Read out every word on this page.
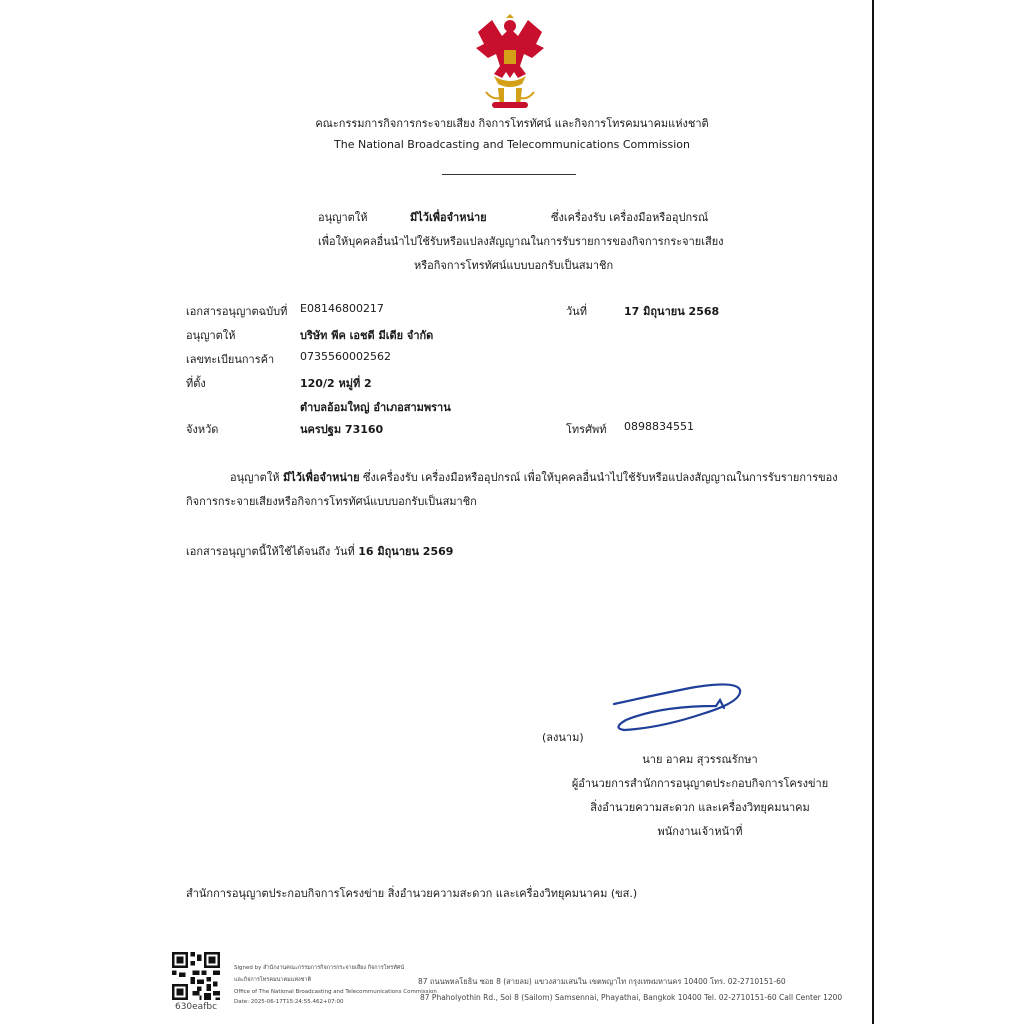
คณะกรรมการกิจการกระจายเสียง กิจการโทรทัศน์ และกิจการโทรคมนาคมแห่งชาติ
The National Broadcasting and Telecommunications Commission
อนุญาตให้	มีไว้เพื่อจำหน่าย	ซึ่งเครื่องรับ เครื่องมือหรืออุปกรณ์
เพื่อให้บุคคลอื่นนำไปใช้รับหรือแปลงสัญญาณในการรับรายการของกิจการกระจายเสียง
หรือกิจการโทรทัศน์แบบบอกรับเป็นสมาชิก
เอกสารอนุญาตฉบับที่ E08146800217	วันที่	17 มิถุนายน 2568
อนุญาตให้	บริษัท พีค เอชดี มีเดีย จำกัด
เลขทะเบียนการค้า 0735560002562
ที่ตั้ง	120/2 หมู่ที่ 2
ตำบลอ้อมใหญ่ อำเภอสามพราน
จังหวัด	นครปฐม 73160	โทรศัพท์ 0898834551
อนุญาตให้ มีไว้เพื่อจำหน่าย ซึ่งเครื่องรับ เครื่องมือหรืออุปกรณ์ เพื่อให้บุคคลอื่นนำไปใช้รับหรือแปลงสัญญาณในการรับรายการของ
กิจการกระจายเสียงหรือกิจการโทรทัศน์แบบบอกรับเป็นสมาชิก
เอกสารอนุญาตนี้ให้ใช้ได้จนถึง วันที่ 16 มิถุนายน 2569
(ลงนาม)
นาย อาคม สุวรรณรักษา
ผู้อำนวยการสำนักการอนุญาตประกอบกิจการโครงข่าย
สิ่งอำนวยความสะดวก และเครื่องวิทยุคมนาคม
พนักงานเจ้าหน้าที่
สำนักการอนุญาตประกอบกิจการโครงข่าย สิ่งอำนวยความสะดวก และเครื่องวิทยุคมนาคม (ขส.)
630eafbc
Signed by สำนักงานคณะกรรมการกิจการกระจายเสียง กิจการโทรทัศน์
และกิจการโทรคมนาคมแห่งชาติ
Office of The National Broadcasting and Telecommunications Commission
Date: 2025-06-17T15:24:55.462+07:00
87 ถนนพหลโยธิน ซอย 8 (สายลม) แขวงสามเสนใน เขตพญาไท กรุงเทพมหานคร 10400 โทร. 02-2710151-60
87 Phaholyothin Rd., Soi 8 (Sailom) Samsennai, Phayathai, Bangkok 10400 Tel. 02-2710151-60 Call Center 1200
